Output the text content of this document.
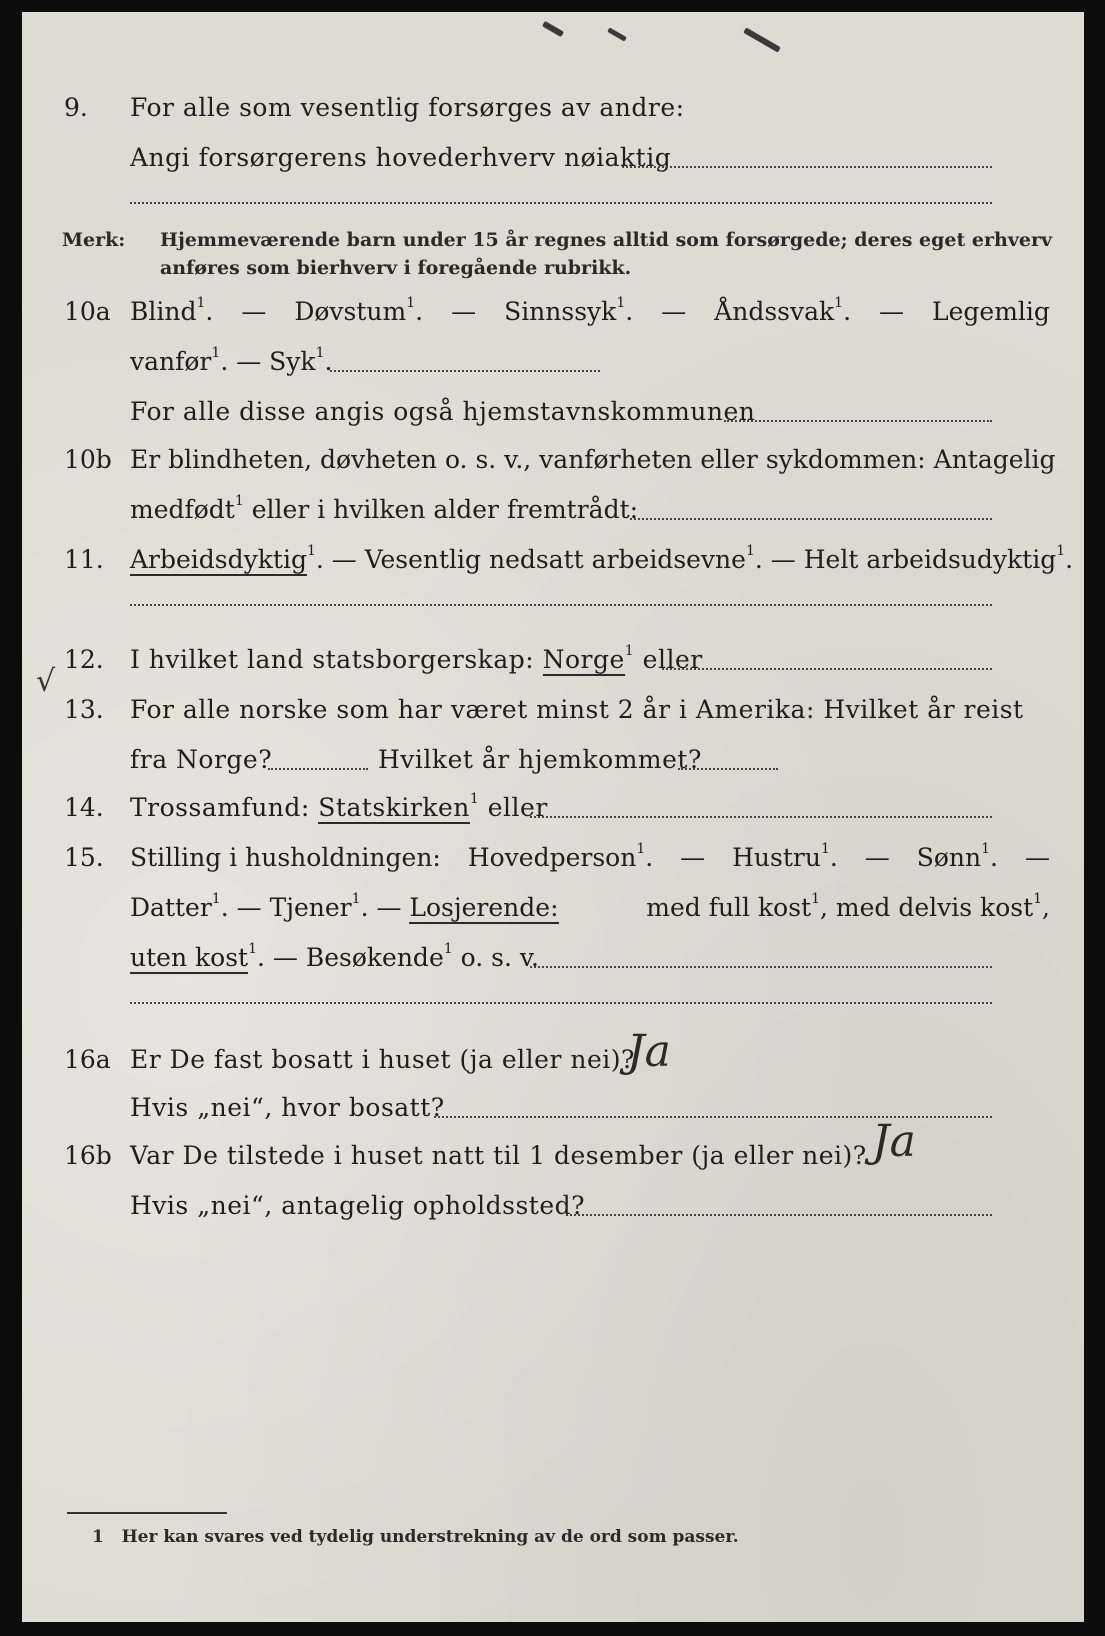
9. For alle som vesentlig forsørges av andre:
Angi forsørgerens hovederhverv nøiaktig
Merk: Hjemmeværende barn under 15 år regnes alltid som forsørgede; deres eget erhverv
anføres som bierhverv i foregående rubrikk.
10a Blind$^1$. — Døvstum$^1$. — Sinnssyk$^1$. — Åndssvak$^1$. — Legemlig
vanfør$^1$. — Syk$^1$.
For alle disse angis også hjemstavnskommunen
10b Er blindheten, døvheten o. s. v., vanførheten eller sykdommen: Antagelig
medfødt$^1$ eller i hvilken alder fremtrådt:
11. Arbeidsdyktig$^1$. — Vesentlig nedsatt arbeidsevne$^1$. — Helt arbeidsudyktig$^1$.
√
12. I hvilket land statsborgerskap: Norge$^1$ eller
13. For alle norske som har været minst 2 år i Amerika: Hvilket år reist
fra Norge?	Hvilket år hjemkommet?
14. Trossamfund: Statskirken$^1$ eller
15. Stilling i husholdningen: Hovedperson$^1$. — Hustru$^1$. — Sønn$^1$. —
Datter$^1$. — Tjener$^1$. — Losjerende:	med full kost$^1$, med delvis kost$^1$,
uten kost$^1$. — Besøkende$^1$ o. s. v.
16a Er De fast bosatt i huset (ja eller nei)?
Ja
Hvis „nei“, hvor bosatt?
16b Var De tilstede i huset natt til 1 desember (ja eller nei)? Ja
Hvis „nei“, antagelig opholdssted?
1 Her kan svares ved tydelig understrekning av de ord som passer.
